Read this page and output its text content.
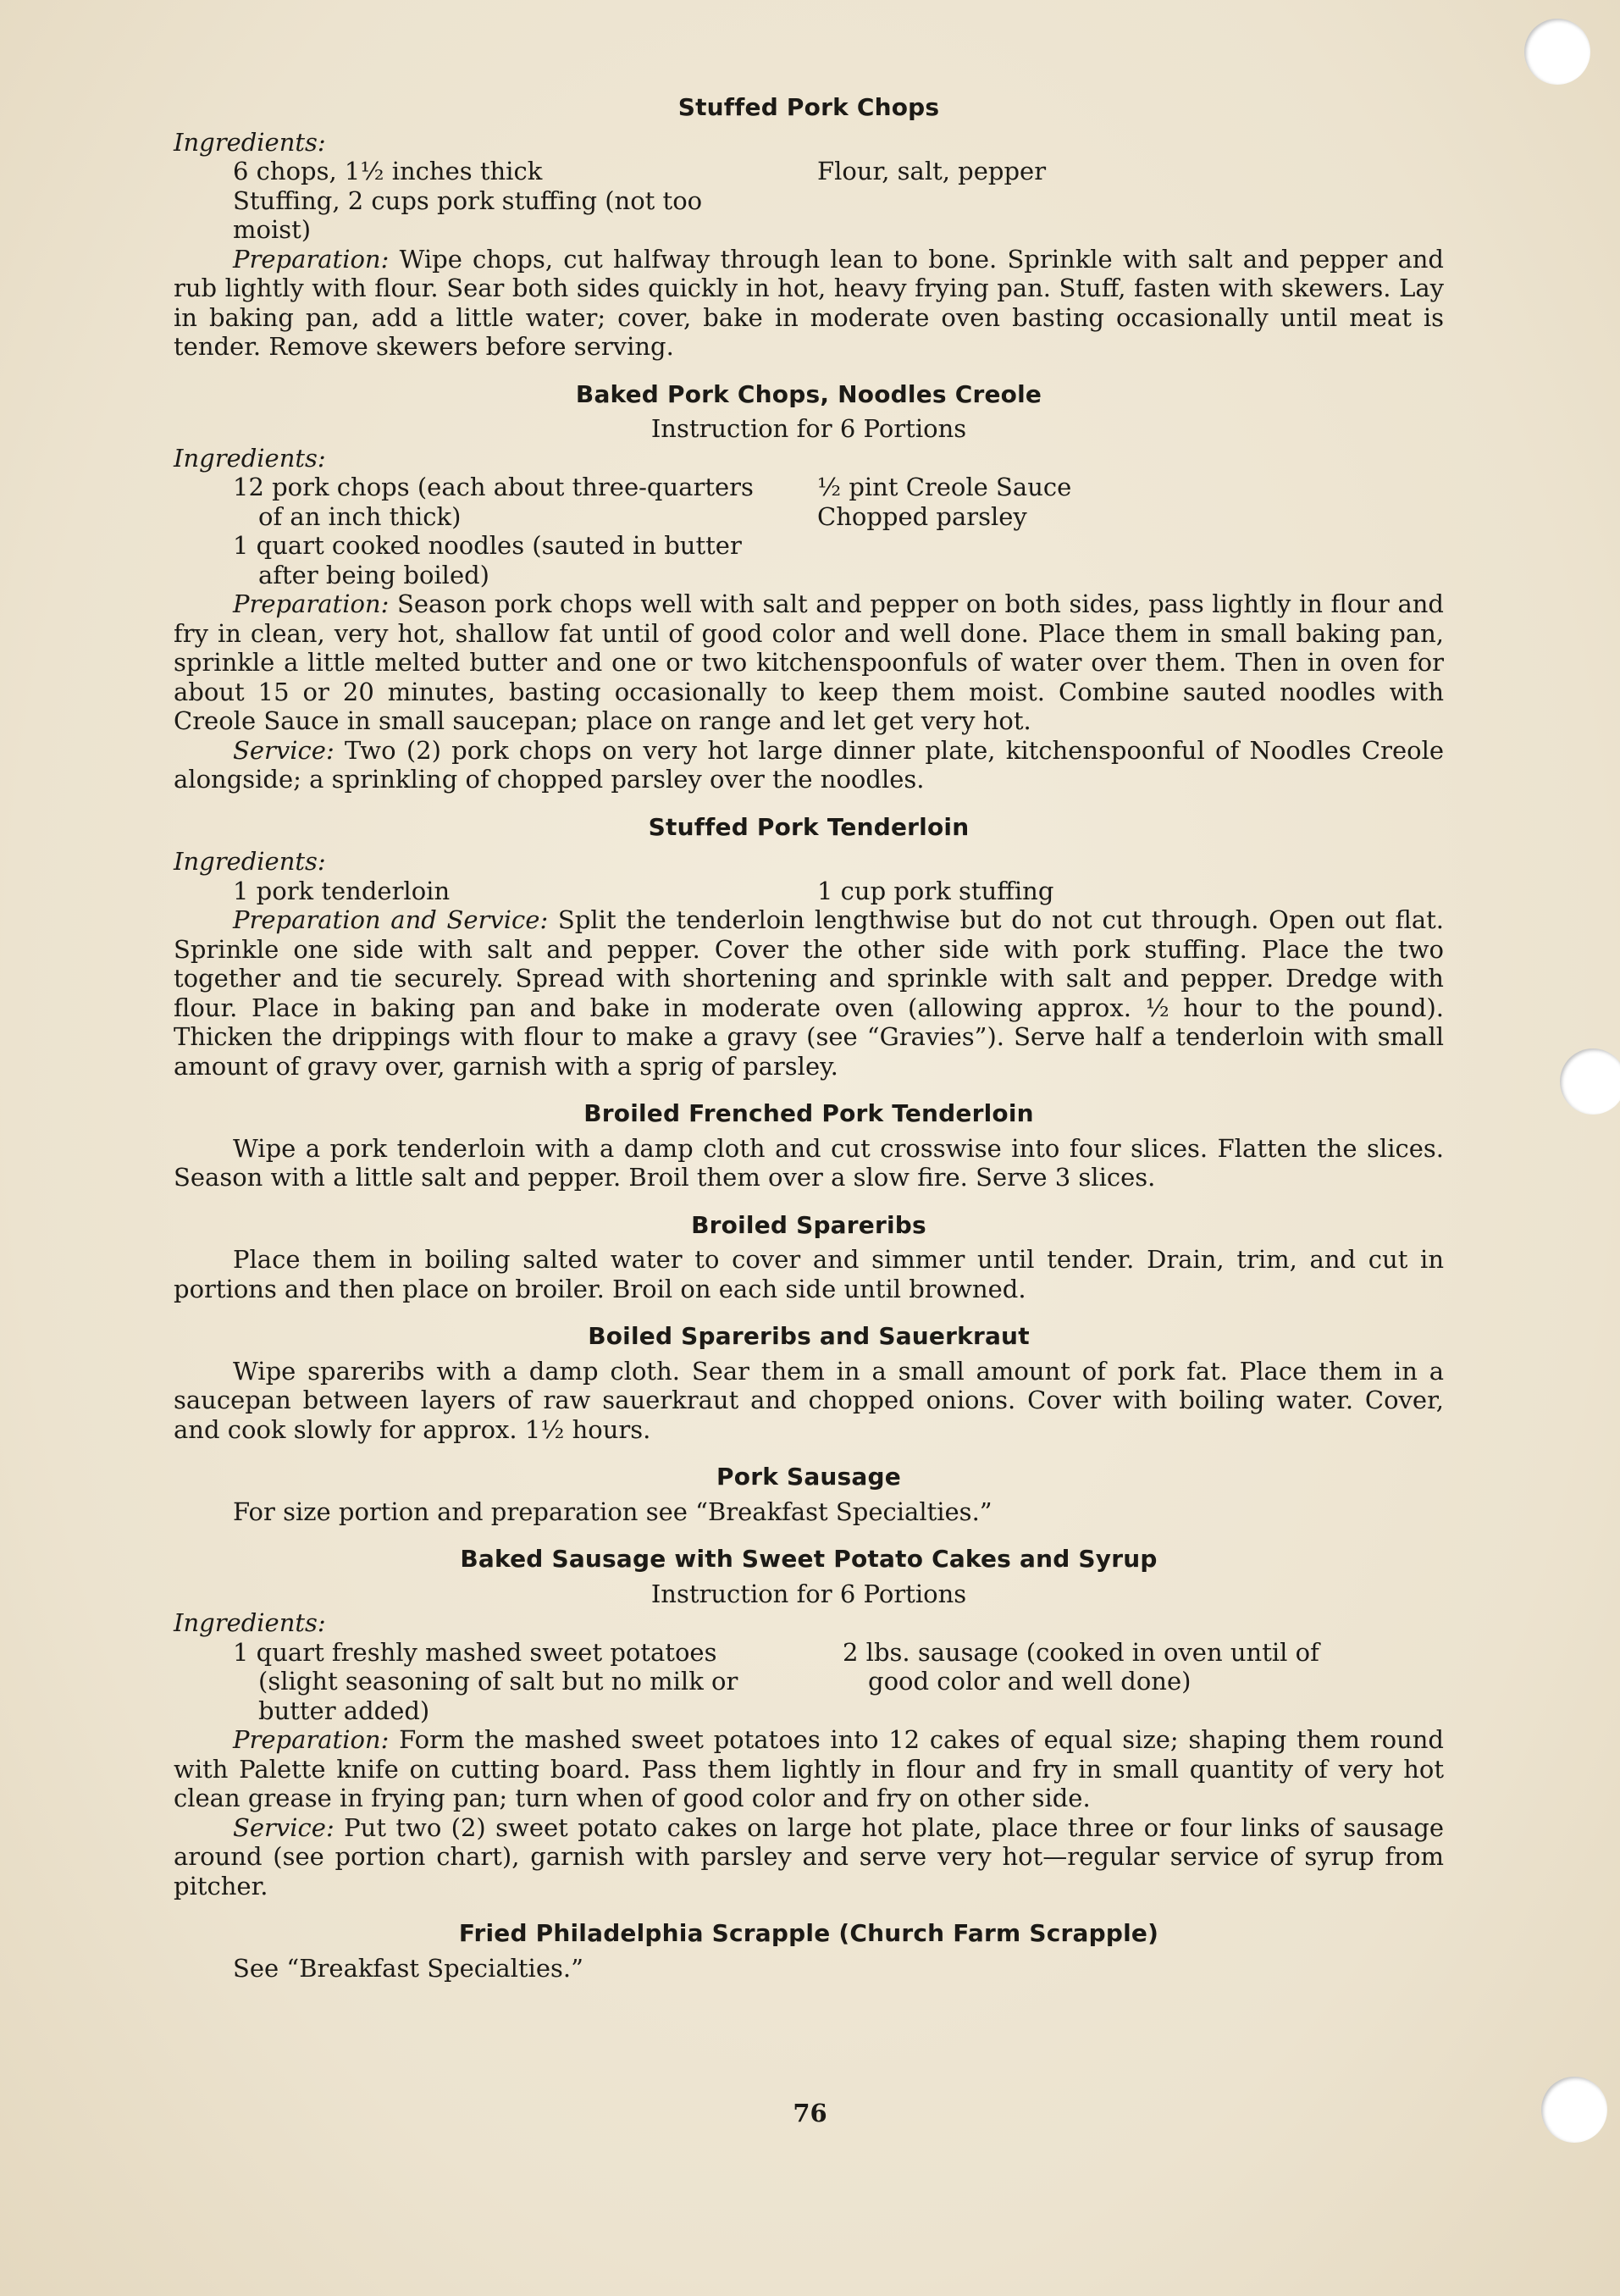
Stuffed Pork Chops

Ingredients:

6 chops, 1½ inches thick
Stuffing, 2 cups pork stuffing (not too
moist)
Flour, salt, pepper

Preparation: Wipe chops, cut halfway through lean to bone. Sprinkle with salt and pepper and rub lightly with flour. Sear both sides quickly in hot, heavy frying pan. Stuff, fasten with skewers. Lay in baking pan, add a little water; cover, bake in moderate oven basting occasionally until meat is tender. Remove skewers before serving.

Baked Pork Chops, Noodles Creole

Instruction for 6 Portions

Ingredients:

12 pork chops (each about three-quarters
of an inch thick)
1 quart cooked noodles (sauted in butter
after being boiled)
½ pint Creole Sauce
Chopped parsley

Preparation: Season pork chops well with salt and pepper on both sides, pass lightly in flour and fry in clean, very hot, shallow fat until of good color and well done. Place them in small baking pan, sprinkle a little melted butter and one or two kitchenspoonfuls of water over them. Then in oven for about 15 or 20 minutes, basting occasionally to keep them moist. Combine sauted noodles with Creole Sauce in small saucepan; place on range and let get very hot.

Service: Two (2) pork chops on very hot large dinner plate, kitchenspoonful of Noodles Creole alongside; a sprinkling of chopped parsley over the noodles.

Stuffed Pork Tenderloin

Ingredients:

1 pork tenderloin	1 cup pork stuffing

Preparation and Service: Split the tenderloin lengthwise but do not cut through. Open out flat. Sprinkle one side with salt and pepper. Cover the other side with pork stuffing. Place the two together and tie securely. Spread with shortening and sprinkle with salt and pepper. Dredge with flour. Place in baking pan and bake in moderate oven (allowing approx. ½ hour to the pound). Thicken the drippings with flour to make a gravy (see “Gravies”). Serve half a tenderloin with small amount of gravy over, garnish with a sprig of parsley.

Broiled Frenched Pork Tenderloin

Wipe a pork tenderloin with a damp cloth and cut crosswise into four slices. Flatten the slices. Season with a little salt and pepper. Broil them over a slow fire. Serve 3 slices.

Broiled Spareribs

Place them in boiling salted water to cover and simmer until tender. Drain, trim, and cut in portions and then place on broiler. Broil on each side until browned.

Boiled Spareribs and Sauerkraut

Wipe spareribs with a damp cloth. Sear them in a small amount of pork fat. Place them in a saucepan between layers of raw sauerkraut and chopped onions. Cover with boiling water. Cover, and cook slowly for approx. 1½ hours.

Pork Sausage

For size portion and preparation see “Breakfast Specialties.”

Baked Sausage with Sweet Potato Cakes and Syrup

Instruction for 6 Portions

Ingredients:

1 quart freshly mashed sweet potatoes
(slight seasoning of salt but no milk or
butter added)
2 lbs. sausage (cooked in oven until of
good color and well done)

Preparation: Form the mashed sweet potatoes into 12 cakes of equal size; shaping them round with Palette knife on cutting board. Pass them lightly in flour and fry in small quantity of very hot clean grease in frying pan; turn when of good color and fry on other side.

Service: Put two (2) sweet potato cakes on large hot plate, place three or four links of sausage around (see portion chart), garnish with parsley and serve very hot—regular service of syrup from pitcher.

Fried Philadelphia Scrapple (Church Farm Scrapple)

See “Breakfast Specialties.”

76
